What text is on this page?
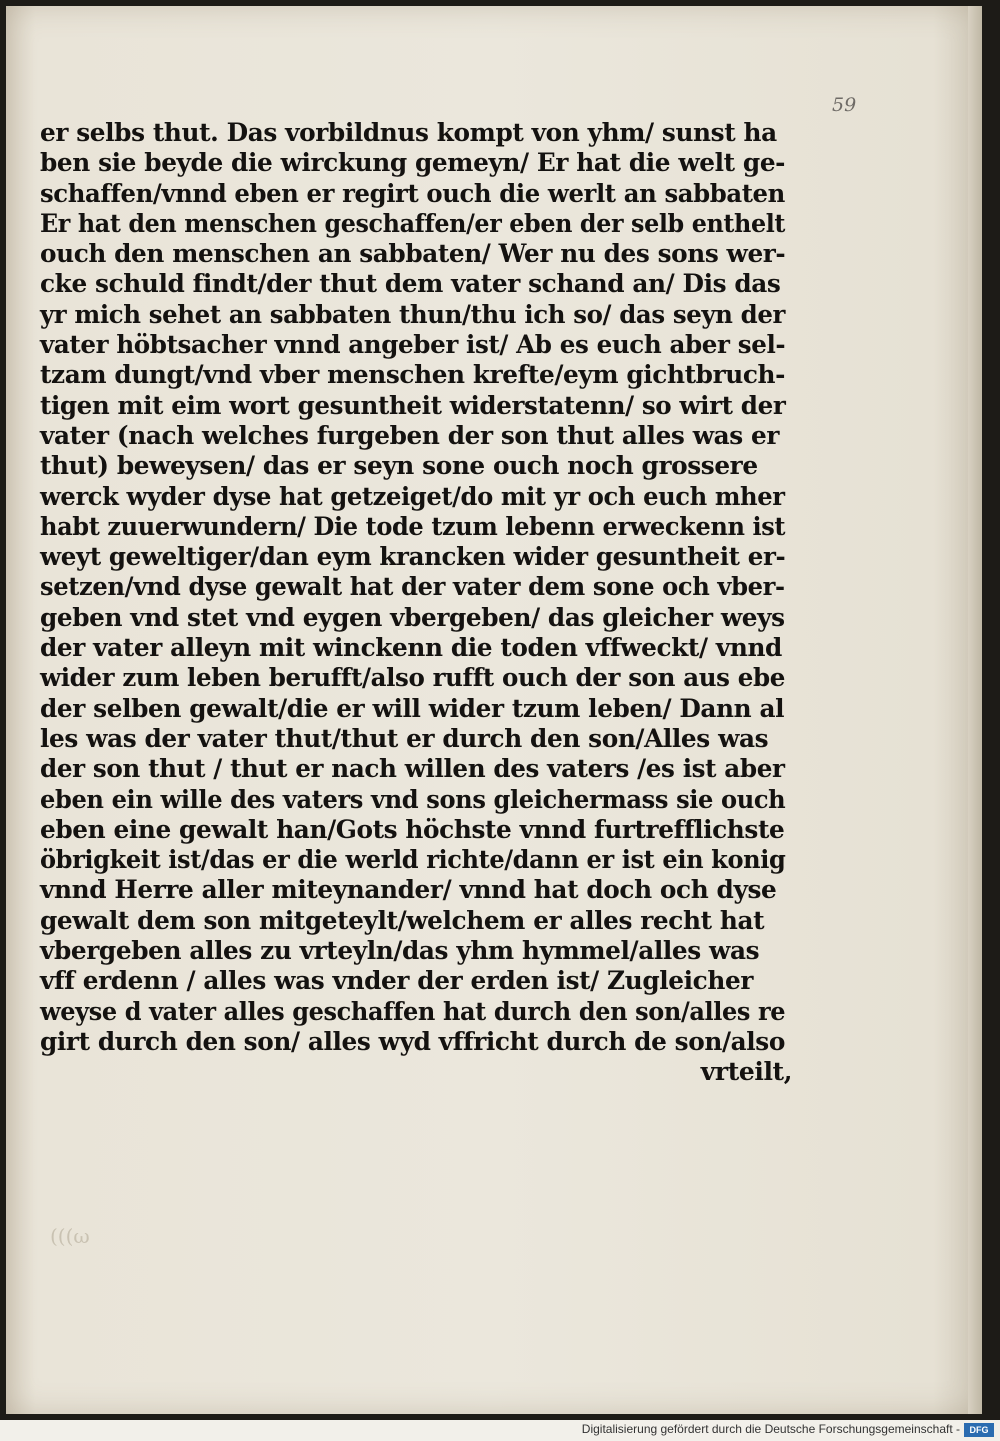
59
er selbs thut. Das vorbildnus kompt von yhm/ sunst ha
ben sie beyde die wirckung gemeyn/ Er hat die welt ge-
schaffen/vnnd eben er regirt ouch die werlt an sabbaten
Er hat den menschen geschaffen/er eben der selb enthelt
ouch den menschen an sabbaten/ Wer nu des sons wer-
cke schuld findt/der thut dem vater schand an/ Dis das
yr mich sehet an sabbaten thun/thu ich so/ das seyn der
vater höbtsacher vnnd angeber ist/ Ab es euch aber sel-
tzam dungt/vnd vber menschen krefte/eym gichtbruch-
tigen mit eim wort gesuntheit widerstatenn/ so wirt der
vater (nach welches furgeben der son thut alles was er
thut) beweysen/ das er seyn sone ouch noch grossere
werck wyder dyse hat getzeiget/do mit yr och euch mher
habt zuuerwundern/ Die tode tzum lebenn erweckenn ist
weyt geweltiger/dan eym krancken wider gesuntheit er-
setzen/vnd dyse gewalt hat der vater dem sone och vber-
geben vnd stet vnd eygen vbergeben/ das gleicher weys
der vater alleyn mit winckenn die toden vffweckt/ vnnd
wider zum leben berufft/also rufft ouch der son aus ebe
der selben gewalt/die er will wider tzum leben/ Dann al
les was der vater thut/thut er durch den son/Alles was
der son thut / thut er nach willen des vaters /es ist aber
eben ein wille des vaters vnd sons gleichermass sie ouch
eben eine gewalt han/Gots höchste vnnd furtrefflichste
öbrigkeit ist/das er die werld richte/dann er ist ein konig
vnnd Herre aller miteynander/ vnnd hat doch och dyse
gewalt dem son mitgeteylt/welchem er alles recht hat
vbergeben alles zu vrteyln/das yhm hymmel/alles was
vff erdenn / alles was vnder der erden ist/ Zugleicher
weyse d vater alles geschaffen hat durch den son/alles re
girt durch den son/ alles wyd vffricht durch de son/also
vrteilt,
(((ω
Digitalisierung gefördert durch die Deutsche Forschungsgemeinschaft -	DFG
